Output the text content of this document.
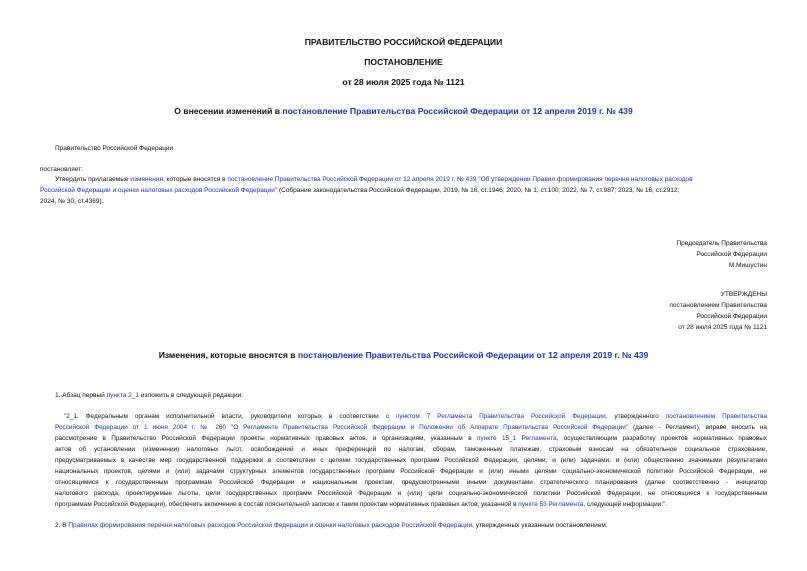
ПРАВИТЕЛЬСТВО РОССИЙСКОЙ ФЕДЕРАЦИИ
ПОСТАНОВЛЕНИЕ
от 28 июля 2025 года № 1121
О внесении изменений в постановление Правительства Российской Федерации от 12 апреля 2019 г. № 439
Правительство Российской Федерации
постановляет:
Утвердить прилагаемые изменения, которые вносятся в постановление Правительства Российской Федерации от 12 апреля 2019 г. № 439 "Об утверждении Правил формирования перечня налоговых расходов
Российской Федерации и оценки налоговых расходов Российской Федерации" (Собрание законодательства Российской Федерации, 2019, № 16, ст.1946; 2020, № 1, ст.100; 2022, № 7, ст.987; 2023, № 16, ст.2912;
2024, № 30, ст.4369).
Председатель Правительства
Российской Федерации
М.Мишустин
УТВЕРЖДЕНЫ
постановлением Правительства
Российской Федерации
от 28 июля 2025 года № 1121
Изменения, которые вносятся в постановление Правительства Российской Федерации от 12 апреля 2019 г. № 439
1. Абзац первый пункта 2_1 изложить в следующей редакции:
"2_1. Федеральным органам исполнительной власти, руководители которых в соответствии с пунктом 7 Регламента Правительства Российской Федерации, утвержденного постановлением Правительства
Российской Федерации от 1 июня 2004 г. № 260 "О Регламенте Правительства Российской Федерации и Положении об Аппарате Правительства Российской Федерации" (далее - Регламент), вправе вносить на
рассмотрение в Правительство Российской Федерации проекты нормативных правовых актов, и организациям, указанным в пункте 15_1 Регламента, осуществляющим разработку проектов нормативных правовых
актов об установлении (изменении) налоговых льгот, освобождений и иных преференций по налогам, сборам, таможенным платежам, страховым взносам на обязательное социальное страхование,
предусматриваемых в качестве мер государственной поддержки в соответствии с целями государственных программ Российской Федерации, целями, и (или) задачами, и (или) общественно значимыми результатами
национальных проектов, целями и (или) задачами структурных элементов государственных программ Российской Федерации и (или) иными целями социально-экономической политики Российской Федерации, не
относящимися к государственным программам Российской Федерации и национальным проектам, предусмотренными иными документами стратегического планирования (далее соответственно - инициатор
налогового расхода, проектируемые льготы, цели государственных программ Российской Федерации и (или) цели социально-экономической политики Российской Федерации, не относящиеся к государственным
программам Российской Федерации), обеспечить включение в состав пояснительной записки к таким проектам нормативных правовых актов, указанной в пункте 53 Регламента, следующей информации:".
2. В Правилах формирования перечня налоговых расходов Российской Федерации и оценки налоговых расходов Российской Федерации, утвержденных указанным постановлением:
